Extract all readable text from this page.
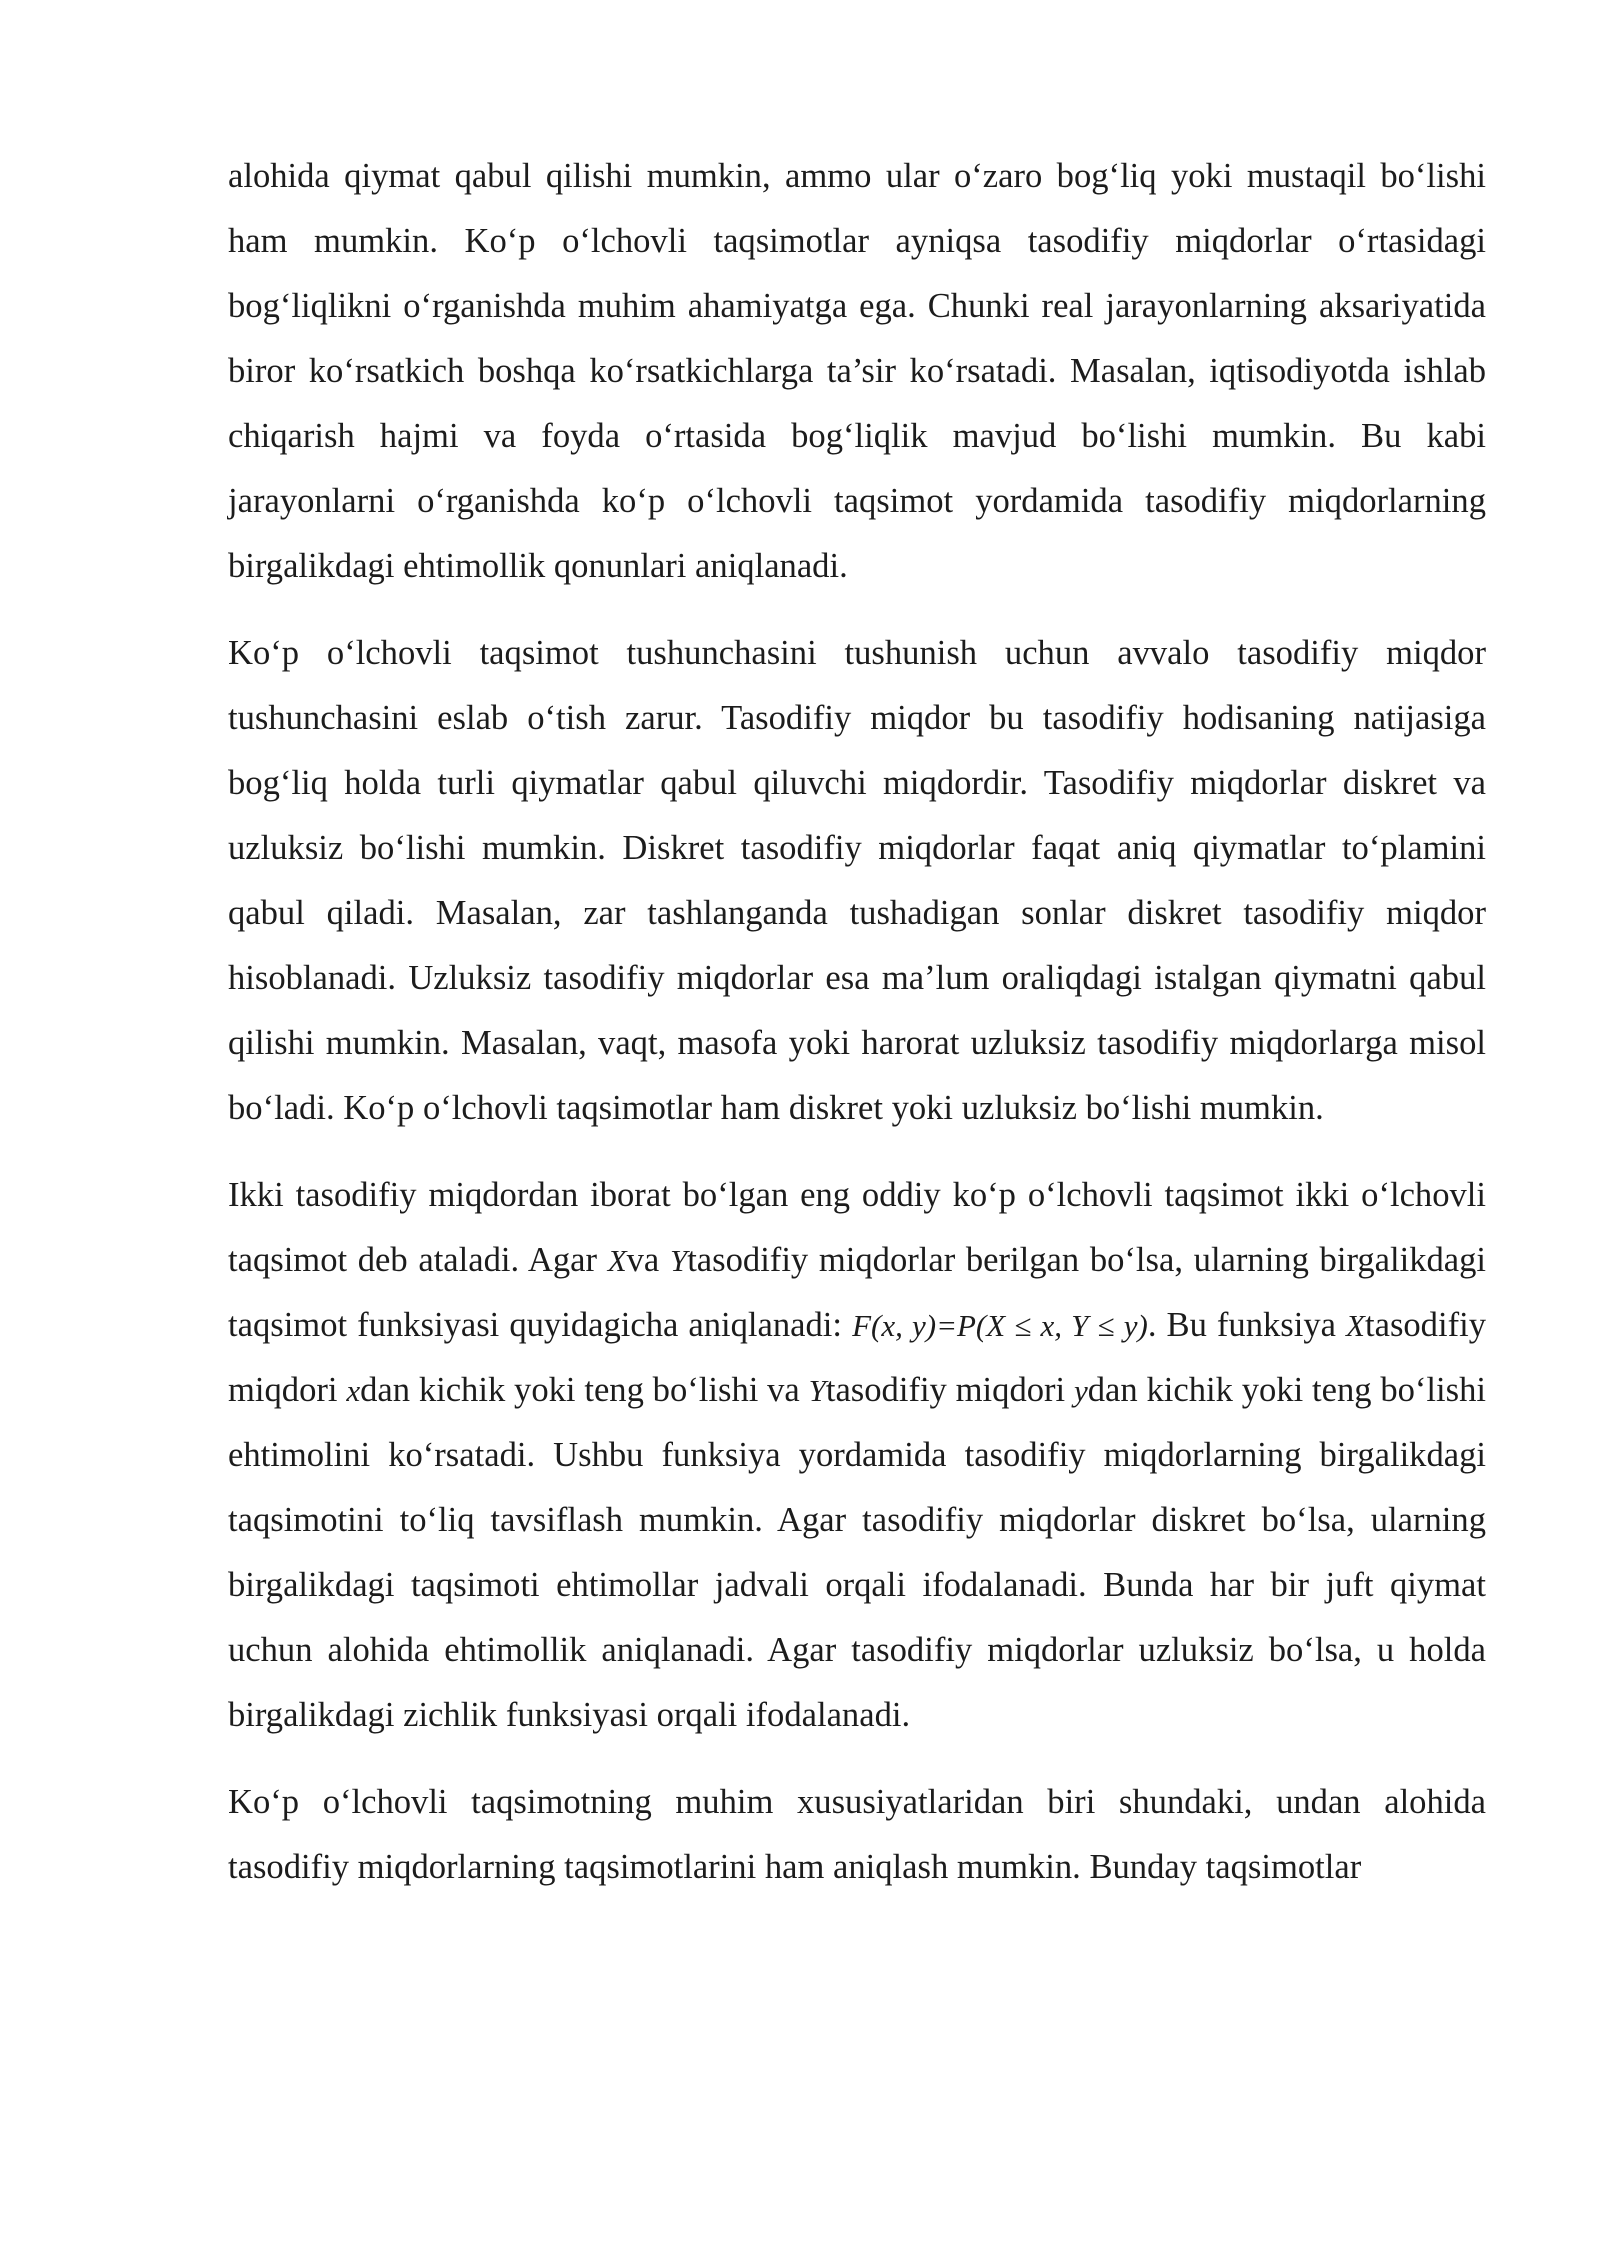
alohida qiymat qabul qilishi mumkin, ammo ular o‘zaro bog‘liq yoki mustaqil bo‘lishi ham mumkin. Ko‘p o‘lchovli taqsimotlar ayniqsa tasodifiy miqdorlar o‘rtasidagi bog‘liqlikni o‘rganishda muhim ahamiyatga ega. Chunki real jarayonlarning aksariyatida biror ko‘rsatkich boshqa ko‘rsatkichlarga ta’sir ko‘rsatadi. Masalan, iqtisodiyotda ishlab chiqarish hajmi va foyda o‘rtasida bog‘liqlik mavjud bo‘lishi mumkin. Bu kabi jarayonlarni o‘rganishda ko‘p o‘lchovli taqsimot yordamida tasodifiy miqdorlarning birgalikdagi ehtimollik qonunlari aniqlanadi.

Ko‘p o‘lchovli taqsimot tushunchasini tushunish uchun avvalo tasodifiy miqdor tushunchasini eslab o‘tish zarur. Tasodifiy miqdor bu tasodifiy hodisaning natijasiga bog‘liq holda turli qiymatlar qabul qiluvchi miqdordir. Tasodifiy miqdorlar diskret va uzluksiz bo‘lishi mumkin. Diskret tasodifiy miqdorlar faqat aniq qiymatlar to‘plamini qabul qiladi. Masalan, zar tashlanganda tushadigan sonlar diskret tasodifiy miqdor hisoblanadi. Uzluksiz tasodifiy miqdorlar esa ma’lum oraliqdagi istalgan qiymatni qabul qilishi mumkin. Masalan, vaqt, masofa yoki harorat uzluksiz tasodifiy miqdorlarga misol bo‘ladi. Ko‘p o‘lchovli taqsimotlar ham diskret yoki uzluksiz bo‘lishi mumkin.

Ikki tasodifiy miqdordan iborat bo‘lgan eng oddiy ko‘p o‘lchovli taqsimot ikki o‘lchovli taqsimot deb ataladi. Agar Xva Ytasodifiy miqdorlar berilgan bo‘lsa, ularning birgalikdagi taqsimot funksiyasi quyidagicha aniqlanadi: F(x, y)=P(X ≤ x, Y ≤ y). Bu funksiya Xtasodifiy miqdori xdan kichik yoki teng bo‘lishi va Ytasodifiy miqdori ydan kichik yoki teng bo‘lishi ehtimolini ko‘rsatadi. Ushbu funksiya yordamida tasodifiy miqdorlarning birgalikdagi taqsimotini to‘liq tavsiflash mumkin. Agar tasodifiy miqdorlar diskret bo‘lsa, ularning birgalikdagi taqsimoti ehtimollar jadvali orqali ifodalanadi. Bunda har bir juft qiymat uchun alohida ehtimollik aniqlanadi. Agar tasodifiy miqdorlar uzluksiz bo‘lsa, u holda birgalikdagi zichlik funksiyasi orqali ifodalanadi.

Ko‘p o‘lchovli taqsimotning muhim xususiyatlaridan biri shundaki, undan alohida tasodifiy miqdorlarning taqsimotlarini ham aniqlash mumkin. Bunday taqsimotlar
